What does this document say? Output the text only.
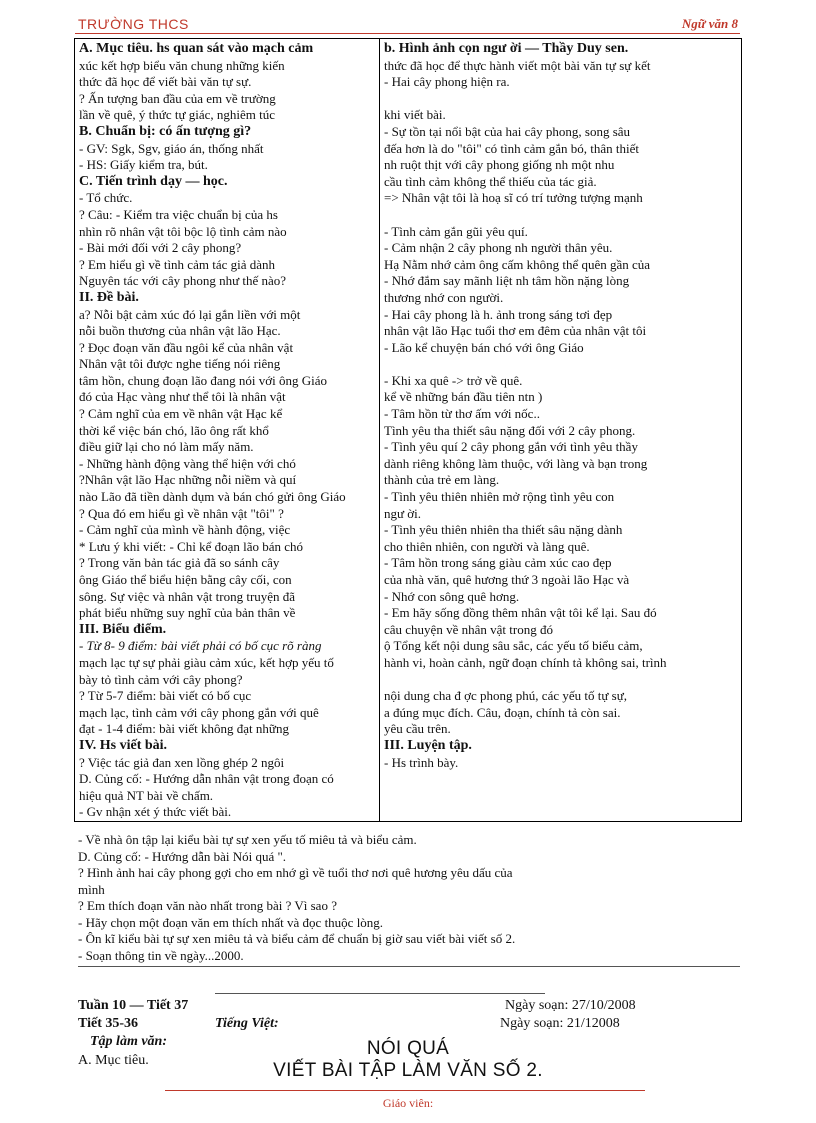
TRƯỜNG THCS	Ngữ văn 8
A. Mục tiêu. hs quan sát vào mạch cảm
xúc kết hợp biểu văn chung những kiến
thức đã học để viết bài văn tự sự.
? Ấn tượng ban đầu của em về trường
lần về quê, ý thức tự giác, nghiêm túc
B. Chuẩn bị: có ấn tượng gì?
- GV: Sgk, Sgv, giáo án, thống nhất
- HS: Giấy kiểm tra, bút.
C. Tiến trình dạy — học.
- Tổ chức.
? Câu: - Kiểm tra việc chuẩn bị của hs
nhìn rõ nhân vật tôi bộc lộ tình cảm nào
- Bài mới đối với 2 cây phong?
? Em hiểu gì về tình cảm tác giả dành
Nguyên tác với cây phong như thế nào?
II. Đề bài.
a? Nỗi bật cảm xúc đó lại gắn liền với một
nỗi buồn thương của nhân vật lão Hạc.
? Đọc đoạn văn đầu ngôi kể của nhân vật
Nhân vật tôi được nghe tiếng nói riêng
tâm hồn, chung đoạn lão đang nói với ông Giáo
đó của Hạc vàng như thể tôi là nhân vật
? Cảm nghĩ của em về nhân vật Hạc kể
thời kể việc bán chó, lão ông rất khổ
điều giữ lại cho nó làm mấy năm.
- Những hành động vàng thể hiện với chó
?Nhân vật lão Hạc những nỗi niềm và quí
nào Lão đã tiền dành dụm và bán chó gửi ông Giáo
? Qua đó em hiểu gì về nhân vật "tôi" ?
- Cảm nghĩ của mình về hành động, việc
* Lưu ý khi viết: - Chỉ kể đoạn lão bán chó
? Trong văn bản tác giả đã so sánh cây
ông Giáo thể biểu hiện bằng cây cối, con
sông. Sự việc và nhân vật trong truyện đã
phát biểu những suy nghĩ của bản thân về
III. Biểu điểm.
- Từ 8- 9 điểm: bài viết phải có bố cục rõ ràng
mạch lạc tự sự phải giàu cảm xúc, kết hợp yếu tố
bày tỏ tình cảm với cây phong?
? Từ 5-7 điểm: bài viết có bố cục
mạch lạc, tình cảm với cây phong gắn với quê
đạt - 1-4 điểm: bài viết không đạt những
IV. Hs viết bài.
? Việc tác giả đan xen lồng ghép 2 ngôi
D. Củng cố: - Hướng dẫn nhân vật trong đoạn có
hiệu quả NT bài về chấm.
- Gv nhận xét ý thức viết bài.
b. Hình ảnh cọn ngư ời — Thầy Duy sen.
thức đã học để thực hành viết một bài văn tự sự kết
- Hai cây phong hiện ra.

khi viết bài.
- Sự tồn tại nổi bật của hai cây phong, song sâu
đếa hơn là do "tôi" có tình cảm gắn bó, thân thiết
nh ruột thịt với cây phong giống nh một nhu
cầu tình cảm không thể thiếu của tác giả.
=> Nhân vật tôi là hoạ sĩ có trí tưởng tượng mạnh

- Tình cảm gắn gũi yêu quí.
- Cảm nhận 2 cây phong nh người thân yêu.
Hạ Nằm nhớ cảm ông cấm không thể quên gần của
- Nhớ đắm say mãnh liệt nh tâm hồn nặng lòng
thương nhớ con người.
- Hai cây phong là h. ảnh trong sáng tơi đẹp
nhân vật lão Hạc tuổi thơ em đêm của nhân vật tôi
- Lão kể chuyện bán chó với ông Giáo

- Khi xa quê -> trở về quê.
kể về những bán đầu tiên ntn )
- Tâm hồn từ thơ ấm với nốc..
Tình yêu tha thiết sâu nặng đối với 2 cây phong.
- Tình yêu quí 2 cây phong gắn với tình yêu thầy
dành riêng không làm thuộc, với làng và bạn trong
thành của trẻ em làng.
- Tình yêu thiên nhiên mở rộng tình yêu con
ngư ời.
- Tình yêu thiên nhiên tha thiết sâu nặng dành
cho thiên nhiên, con người và làng quê.
- Tâm hồn trong sáng giàu cảm xúc cao đẹp
của nhà văn, quê hương thứ 3 ngoài lão Hạc và
- Nhớ con sông quê hơng.
- Em hãy sống đồng thêm nhân vật tôi kể lại. Sau đó
câu chuyện về nhân vật trong đó
ộ Tổng kết nội dung sâu sắc, các yếu tố biểu cảm,
hành vi, hoàn cảnh, ngữ đoạn chính tả không sai, trình

nội dung cha đ ợc phong phú, các yếu tố tự sự,
a đúng mục đích. Câu, đoạn, chính tả còn sai.
yêu cầu trên.
III. Luyện tập.
- Hs trình bày.
- Về nhà ôn tập lại kiểu bài tự sự xen yếu tố miêu tả và biểu cảm.
D. Củng cố: - Hướng dẫn bài Nói quá ".
? Hình ảnh hai cây phong gợi cho em nhớ gì về tuổi thơ nơi quê hương yêu dấu của
mình
? Em thích đoạn văn nào nhất trong bài ? Vì sao ?
- Hãy chọn một đoạn văn em thích nhất và đọc thuộc lòng.
- Ôn kĩ kiểu bài tự sự xen miêu tả và biểu cảm để chuẩn bị giờ sau viết bài viết số 2.
- Soạn thông tin về ngày...2000.
Tuần 10 — Tiết 37
Tiết 35-36	Tiếng Việt:
Tập làm văn:
A. Mục tiêu.
Ngày soạn: 27/10/2008
Ngày soạn: 21/12008
NÓI QUÁ
VIẾT BÀI TẬP LÀM VĂN SỐ 2.
Giáo viên:
